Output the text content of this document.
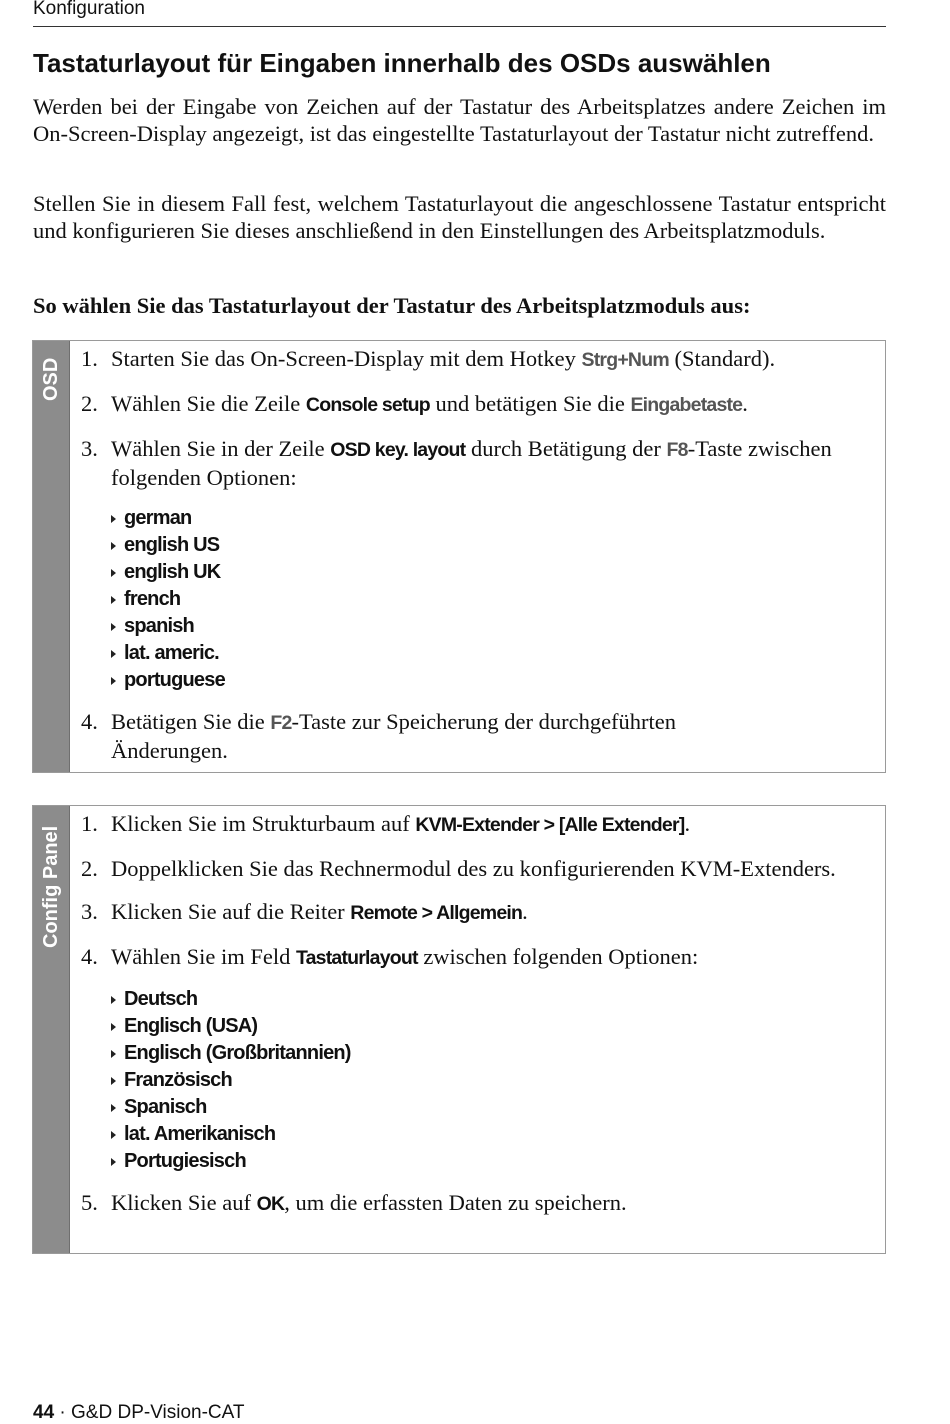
Konfiguration
Tastaturlayout für Eingaben innerhalb des OSDs auswählen

Werden bei der Eingabe von Zeichen auf der Tastatur des Arbeitsplatzes andere Zeichen im On-Screen-Display angezeigt, ist das eingestellte Tastaturlayout der Tastatur nicht zutreffend.

Stellen Sie in diesem Fall fest, welchem Tastaturlayout die angeschlossene Tastatur entspricht und konfigurieren Sie dieses anschließend in den Einstellungen des Arbeitsplatzmoduls.

So wählen Sie das Tastaturlayout der Tastatur des Arbeitsplatzmoduls aus:

OSD 1. Starten Sie das On-Screen-Display mit dem Hotkey Strg+Num (Standard).
2. Wählen Sie die Zeile Console setup und betätigen Sie die Eingabetaste.
3. Wählen Sie in der Zeile OSD key. layout durch Betätigung der F8-Taste zwischen folgenden Optionen:
german
english US
english UK
french
spanish
lat. americ.
portuguese
4. Betätigen Sie die F2-Taste zur Speicherung der durchgeführten Änderungen.
Config Panel
1. Klicken Sie im Strukturbaum auf KVM-Extender > [Alle Extender].
2. Doppelklicken Sie das Rechnermodul des zu konfigurierenden KVM-Extenders.
3. Klicken Sie auf die Reiter Remote > Allgemein.
4. Wählen Sie im Feld Tastaturlayout zwischen folgenden Optionen:
Deutsch
Englisch (USA)
Englisch (Großbritannien)
Französisch
Spanisch
lat. Amerikanisch
Portugiesisch
5. Klicken Sie auf OK, um die erfassten Daten zu speichern.
44 · G&D DP-Vision-CAT
